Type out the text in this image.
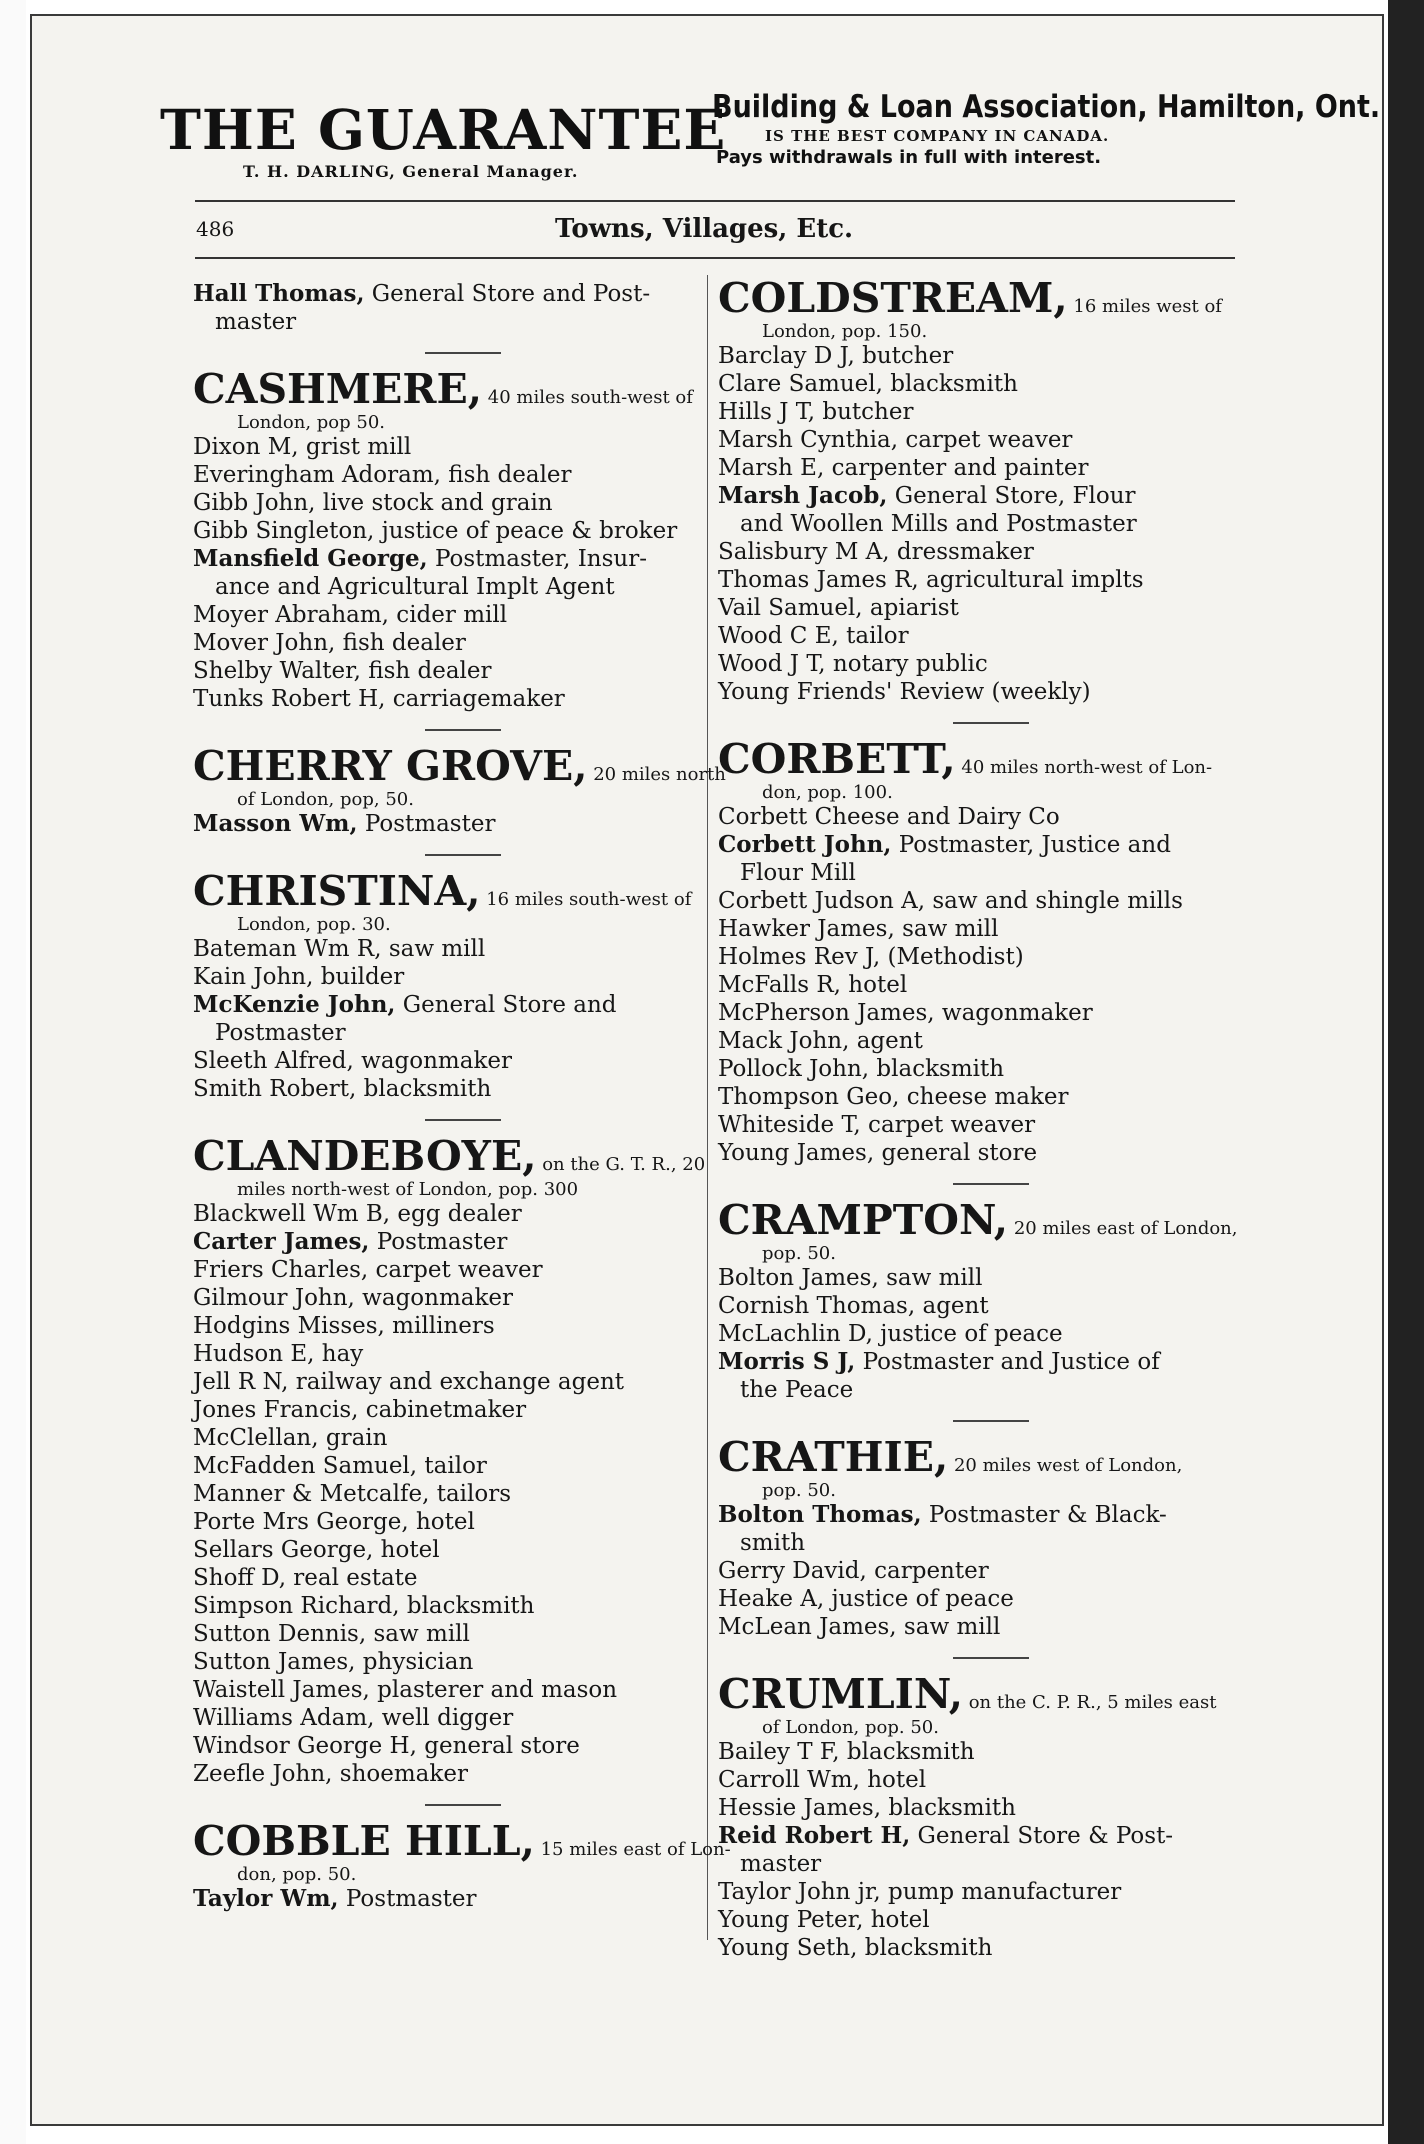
THE GUARANTEE
Building & Loan Association, Hamilton, Ont.
IS THE BEST COMPANY IN CANADA.
T. H. DARLING, General Manager.
Pays withdrawals in full with interest.
486	Towns, Villages, Etc.
Hall Thomas, General Store and Post-
master
CASHMERE, 40 miles south-west of
London, pop 50.
Dixon M, grist mill
Everingham Adoram, fish dealer
Gibb John, live stock and grain
Gibb Singleton, justice of peace & broker
Mansfield George, Postmaster, Insur-
ance and Agricultural Implt Agent
Moyer Abraham, cider mill
Mover John, fish dealer
Shelby Walter, fish dealer
Tunks Robert H, carriagemaker
CHERRY GROVE, 20 miles north
of London, pop, 50.
Masson Wm, Postmaster
CHRISTINA, 16 miles south-west of
London, pop. 30.
Bateman Wm R, saw mill
Kain John, builder
McKenzie John, General Store and
Postmaster
Sleeth Alfred, wagonmaker
Smith Robert, blacksmith
CLANDEBOYE, on the G. T. R., 20
miles north-west of London, pop. 300
Blackwell Wm B, egg dealer
Carter James, Postmaster
Friers Charles, carpet weaver
Gilmour John, wagonmaker
Hodgins Misses, milliners
Hudson E, hay
Jell R N, railway and exchange agent
Jones Francis, cabinetmaker
McClellan, grain
McFadden Samuel, tailor
Manner & Metcalfe, tailors
Porte Mrs George, hotel
Sellars George, hotel
Shoff D, real estate
Simpson Richard, blacksmith
Sutton Dennis, saw mill
Sutton James, physician
Waistell James, plasterer and mason
Williams Adam, well digger
Windsor George H, general store
Zeefle John, shoemaker
COBBLE HILL, 15 miles east of Lon-
don, pop. 50.
Taylor Wm, Postmaster
COLDSTREAM, 16 miles west of
London, pop. 150.
Barclay D J, butcher
Clare Samuel, blacksmith
Hills J T, butcher
Marsh Cynthia, carpet weaver
Marsh E, carpenter and painter
Marsh Jacob, General Store, Flour
and Woollen Mills and Postmaster
Salisbury M A, dressmaker
Thomas James R, agricultural implts
Vail Samuel, apiarist
Wood C E, tailor
Wood J T, notary public
Young Friends' Review (weekly)
CORBETT, 40 miles north-west of Lon-
don, pop. 100.
Corbett Cheese and Dairy Co
Corbett John, Postmaster, Justice and
Flour Mill
Corbett Judson A, saw and shingle mills
Hawker James, saw mill
Holmes Rev J, (Methodist)
McFalls R, hotel
McPherson James, wagonmaker
Mack John, agent
Pollock John, blacksmith
Thompson Geo, cheese maker
Whiteside T, carpet weaver
Young James, general store
CRAMPTON, 20 miles east of London,
pop. 50.
Bolton James, saw mill
Cornish Thomas, agent
McLachlin D, justice of peace
Morris S J, Postmaster and Justice of
the Peace
CRATHIE, 20 miles west of London,
pop. 50.
Bolton Thomas, Postmaster & Black-
smith
Gerry David, carpenter
Heake A, justice of peace
McLean James, saw mill
CRUMLIN, on the C. P. R., 5 miles east
of London, pop. 50.
Bailey T F, blacksmith
Carroll Wm, hotel
Hessie James, blacksmith
Reid Robert H, General Store & Post-
master
Taylor John jr, pump manufacturer
Young Peter, hotel
Young Seth, blacksmith
